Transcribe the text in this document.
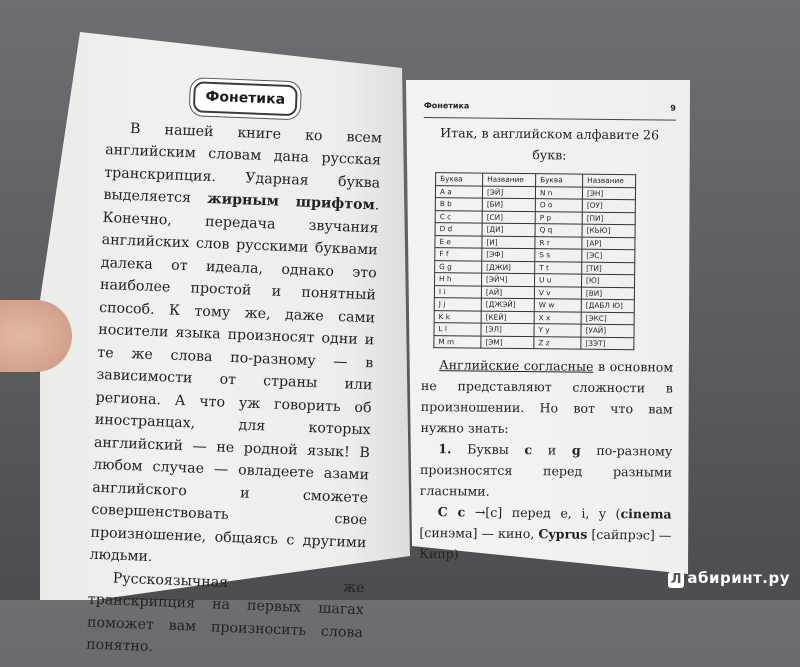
Фонетика

В нашей книге ко всем английским словам дана русская транскрипция. Ударная буква выделяется жирным шрифтом. Конечно, передача звучания английских слов русскими буквами далека от идеала, однако это наиболее простой и понятный способ. К тому же, даже сами носители языка произносят одни и те же слова по-разному — в зависимости от страны или региона. А что уж говорить об иностранцах, для которых английский — не родной язык! В любом случае — овладеете азами английского и сможете совершенствовать свое произношение, общаясь с другими людьми.

Русскоязычная же транскрипция на первых шагах поможет вам произносить слова понятно.

Фонетика	9

Итак, в английском алфавите 26 букв:

Буква	Название	Буква	Название
A a	[ЭЙ]	N n	[ЭН]
B b	[БИ]	O o	[ОУ]
C c	[СИ]	P p	[ПИ]
D d	[ДИ]	Q q	[КЬЮ]
E e	[И]	R r	[АР]
F f	[ЭФ]	S s	[ЭС]
G g	[ДЖИ]	T t	[ТИ]
H h	[ЭЙЧ]	U u	[Ю]
I i	[АЙ]	V v	[ВИ]
J j	[ДЖЭЙ]	W w	[ДАБЛ Ю]
K k	[КЕЙ]	X x	[ЭКС]
L l	[ЭЛ]	Y y	[УАЙ]
M m	[ЭМ]	Z z	[ЗЭТ]

Английские согласные в основном не представляют сложности в произношении. Но вот что вам нужно знать:

1. Буквы c и g по-разному произносятся перед разными гласными.

C c →[с] перед e, i, y (cinema [синэма] — кино, Cyprus [сайпрэс] — Кипр)

Л абиринт.ру
